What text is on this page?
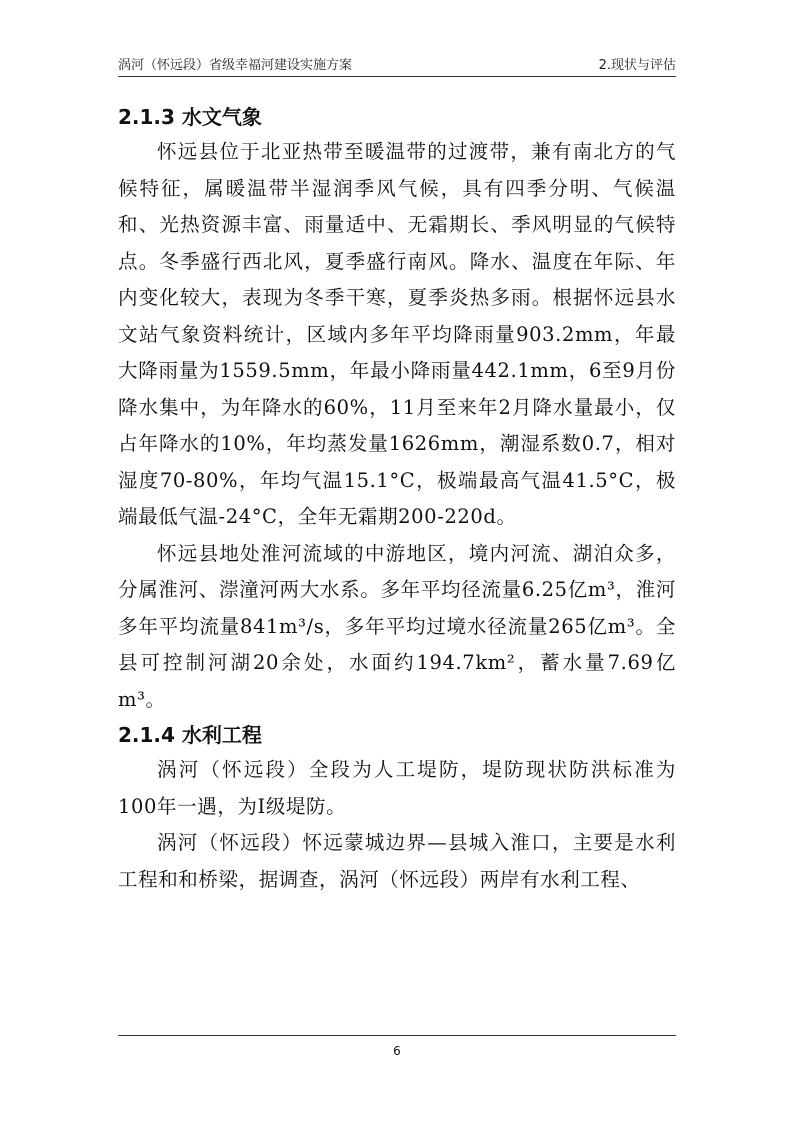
涡河（怀远段）省级幸福河建设实施方案	2.现状与评估
2.1.3 水文气象

怀远县位于北亚热带至暖温带的过渡带，兼有南北方的气候特征，属暖温带半湿润季风气候，具有四季分明、气候温和、光热资源丰富、雨量适中、无霜期长、季风明显的气候特点。冬季盛行西北风，夏季盛行南风。降水、温度在年际、年内变化较大，表现为冬季干寒，夏季炎热多雨。根据怀远县水文站气象资料统计，区域内多年平均降雨量903.2mm，年最大降雨量为1559.5mm，年最小降雨量442.1mm，6至9月份降水集中，为年降水的60%，11月至来年2月降水量最小，仅占年降水的10%，年均蒸发量1626mm，潮湿系数0.7，相对湿度70-80%，年均气温15.1°C，极端最高气温41.5°C，极端最低气温-24°C，全年无霜期200-220d。

怀远县地处淮河流域的中游地区，境内河流、湖泊众多，分属淮河、漴潼河两大水系。多年平均径流量6.25亿m³，淮河多年平均流量841m³/s，多年平均过境水径流量265亿m³。全县可控制河湖20余处，水面约194.7km²，蓄水量7.69亿m³。

2.1.4 水利工程

涡河（怀远段）全段为人工堤防，堤防现状防洪标准为100年一遇，为Ⅰ级堤防。

涡河（怀远段）怀远蒙城边界—县城入淮口，主要是水利工程和和桥梁，据调查，涡河（怀远段）两岸有水利工程、

6
